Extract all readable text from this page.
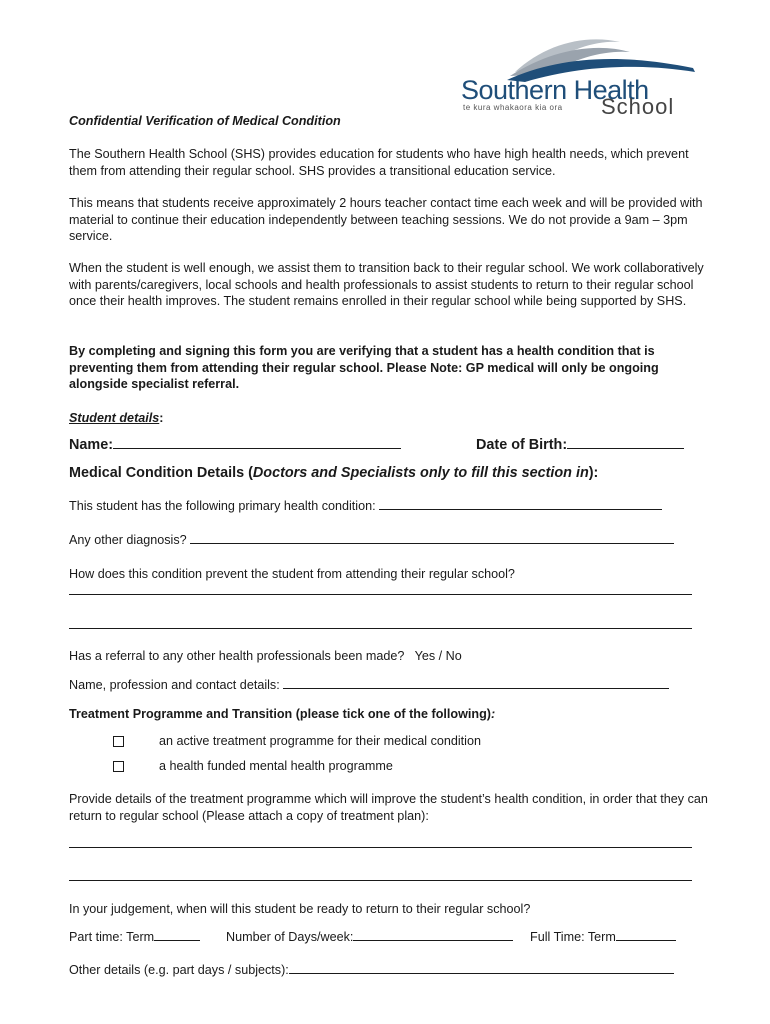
Southern Health
te kura whakaora kia ora School
Confidential Verification of Medical Condition

The Southern Health School (SHS) provides education for students who have high health needs, which prevent them from attending their regular school. SHS provides a transitional education service.

This means that students receive approximately 2 hours teacher contact time each week and will be provided with material to continue their education independently between teaching sessions. We do not provide a 9am – 3pm service.

When the student is well enough, we assist them to transition back to their regular school. We work collaboratively with parents/caregivers, local schools and health professionals to assist students to return to their regular school once their health improves. The student remains enrolled in their regular school while being supported by SHS.

By completing and signing this form you are verifying that a student has a health condition that is preventing them from attending their regular school. Please Note: GP medical will only be ongoing alongside specialist referral.

Student details:
Name:	Date of Birth:
Medical Condition Details (Doctors and Specialists only to fill this section in):
This student has the following primary health condition:
Any other diagnosis?
How does this condition prevent the student from attending their regular school?
Has a referral to any other health professionals been made? Yes / No
Name, profession and contact details:
Treatment Programme and Transition (please tick one of the following):
an active treatment programme for their medical condition
a health funded mental health programme

Provide details of the treatment programme which will improve the student’s health condition, in order that they can return to regular school (Please attach a copy of treatment plan):

In your judgement, when will this student be ready to return to their regular school?
Part time: Term	Number of Days/week:	Full Time: Term
Other details (e.g. part days / subjects):
